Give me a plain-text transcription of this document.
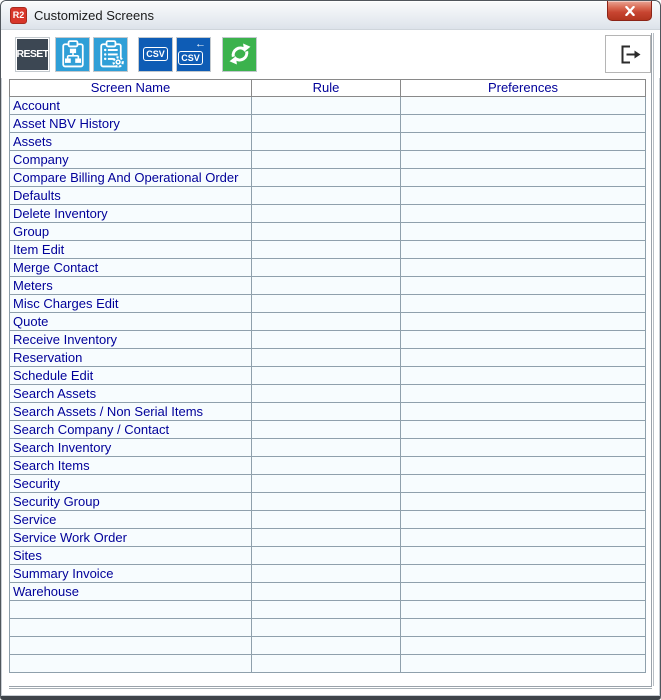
R2 Customized Screens
RESET	CSV
←
CSV
Screen Name	Rule	Preferences
Account		
Asset NBV History		
Assets		
Company		
Compare Billing And Operational Order		
Defaults		
Delete Inventory		
Group		
Item Edit		
Merge Contact		
Meters		
Misc Charges Edit		
Quote		
Receive Inventory		
Reservation		
Schedule Edit		
Search Assets		
Search Assets / Non Serial Items		
Search Company / Contact		
Search Inventory		
Search Items		
Security		
Security Group		
Service		
Service Work Order		
Sites		
Summary Invoice		
Warehouse		
